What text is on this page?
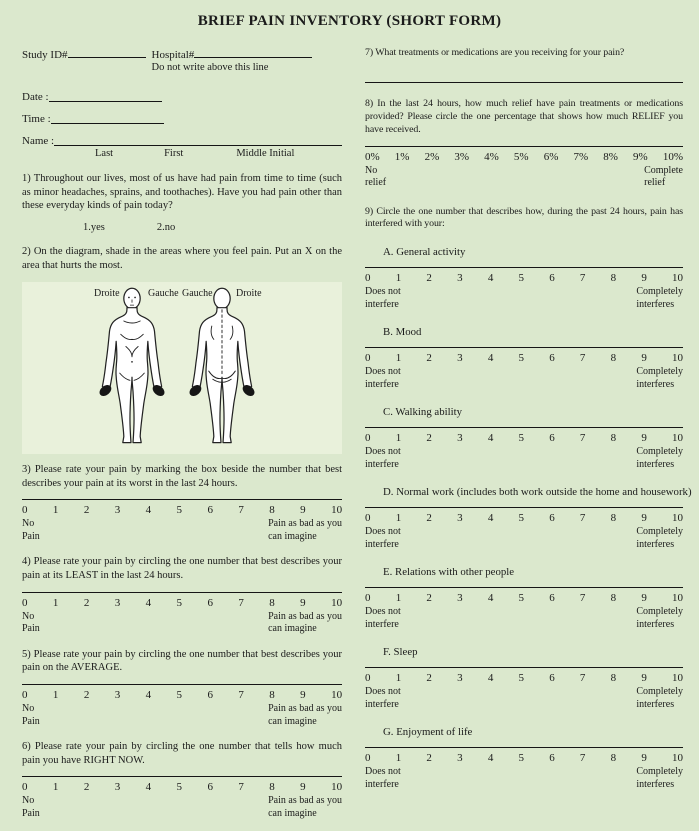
BRIEF PAIN INVENTORY (SHORT FORM)
Study ID#	Hospital#
Do not write above this line
Date :
Time :
Name :
Last	First	Middle Initial
1) Throughout our lives, most of us have had pain from time to time (such as minor headaches, sprains, and toothaches). Have you had pain other than these everyday kinds of pain today?
1.yes	2.no
2) On the diagram, shade in the areas where you feel pain. Put an X on the area that hurts the most.
Droite	Gauche Gauche Droite
3) Please rate your pain by marking the box beside the number that best describes your pain at its worst in the last 24 hours.
0	1	2	3	4	5	6	7	8	9	10
No
Pain
Pain as bad as you
can imagine
4) Please rate your pain by circling the one number that best describes your pain at its LEAST in the last 24 hours.
0	1	2	3	4	5	6	7	8	9	10
No
Pain
Pain as bad as you
can imagine
5) Please rate your pain by circling the one number that best describes your pain on the AVERAGE.
0	1	2	3	4	5	6	7	8	9	10
No
Pain
Pain as bad as you
can imagine
6) Please rate your pain by circling the one number that tells how much pain you have RIGHT NOW.
0	1	2	3	4	5	6	7	8	9	10
No
Pain
Pain as bad as you
can imagine
7) What treatments or medications are you receiving for your pain?
8) In the last 24 hours, how much relief have pain treatments or medications provided? Please circle the one percentage that shows how much RELIEF you have received.
0%	1%	2%	3%	4%	5%	6%	7%	8%	9%	10%
No
relief
Complete
relief
9) Circle the one number that describes how, during the past 24 hours, pain has interfered with your:
A. General activity
0	1	2	3	4	5	6	7	8	9	10
Does not
interfere
Completely
interferes
B. Mood
0	1	2	3	4	5	6	7	8	9	10
Does not
interfere
Completely
interferes
C. Walking ability
0	1	2	3	4	5	6	7	8	9	10
Does not
interfere
Completely
interferes
D. Normal work (includes both work outside the home and housework)
0	1	2	3	4	5	6	7	8	9	10
Does not
interfere
Completely
interferes
E. Relations with other people
0	1	2	3	4	5	6	7	8	9	10
Does not
interfere
Completely
interferes
F. Sleep
0	1	2	3	4	5	6	7	8	9	10
Does not
interfere
Completely
interferes
G. Enjoyment of life
0	1	2	3	4	5	6	7	8	9	10
Does not
interfere
Completely
interferes
